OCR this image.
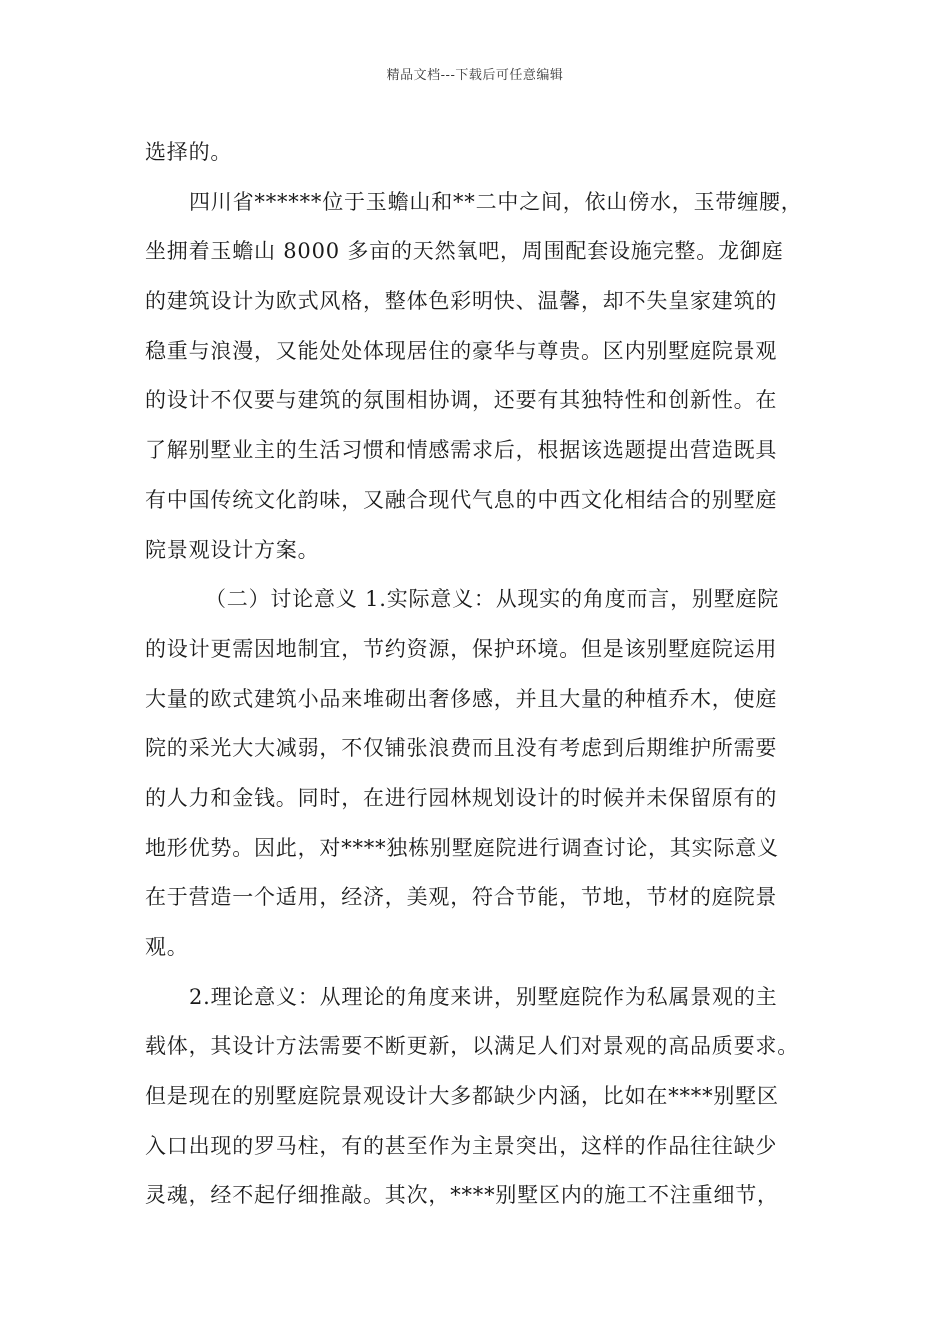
精品文档---下载后可任意编辑
选择的。
四川省******位于玉蟾山和**二中之间，依山傍水，玉带缠腰，
坐拥着玉蟾山 8000 多亩的天然氧吧，周围配套设施完整。龙御庭
的建筑设计为欧式风格，整体色彩明快、温馨，却不失皇家建筑的
稳重与浪漫，又能处处体现居住的豪华与尊贵。区内别墅庭院景观
的设计不仅要与建筑的氛围相协调，还要有其独特性和创新性。在
了解别墅业主的生活习惯和情感需求后，根据该选题提出营造既具
有中国传统文化韵味，又融合现代气息的中西文化相结合的别墅庭
院景观设计方案。
（二）讨论意义 1.实际意义：从现实的角度而言，别墅庭院
的设计更需因地制宜，节约资源，保护环境。但是该别墅庭院运用
大量的欧式建筑小品来堆砌出奢侈感，并且大量的种植乔木，使庭
院的采光大大减弱，不仅铺张浪费而且没有考虑到后期维护所需要
的人力和金钱。同时，在进行园林规划设计的时候并未保留原有的
地形优势。因此，对****独栋别墅庭院进行调查讨论，其实际意义
在于营造一个适用，经济，美观，符合节能，节地，节材的庭院景
观。
2.理论意义：从理论的角度来讲，别墅庭院作为私属景观的主
载体，其设计方法需要不断更新，以满足人们对景观的高品质要求。
但是现在的别墅庭院景观设计大多都缺少内涵，比如在****别墅区
入口出现的罗马柱，有的甚至作为主景突出，这样的作品往往缺少
灵魂，经不起仔细推敲。其次，****别墅区内的施工不注重细节，
